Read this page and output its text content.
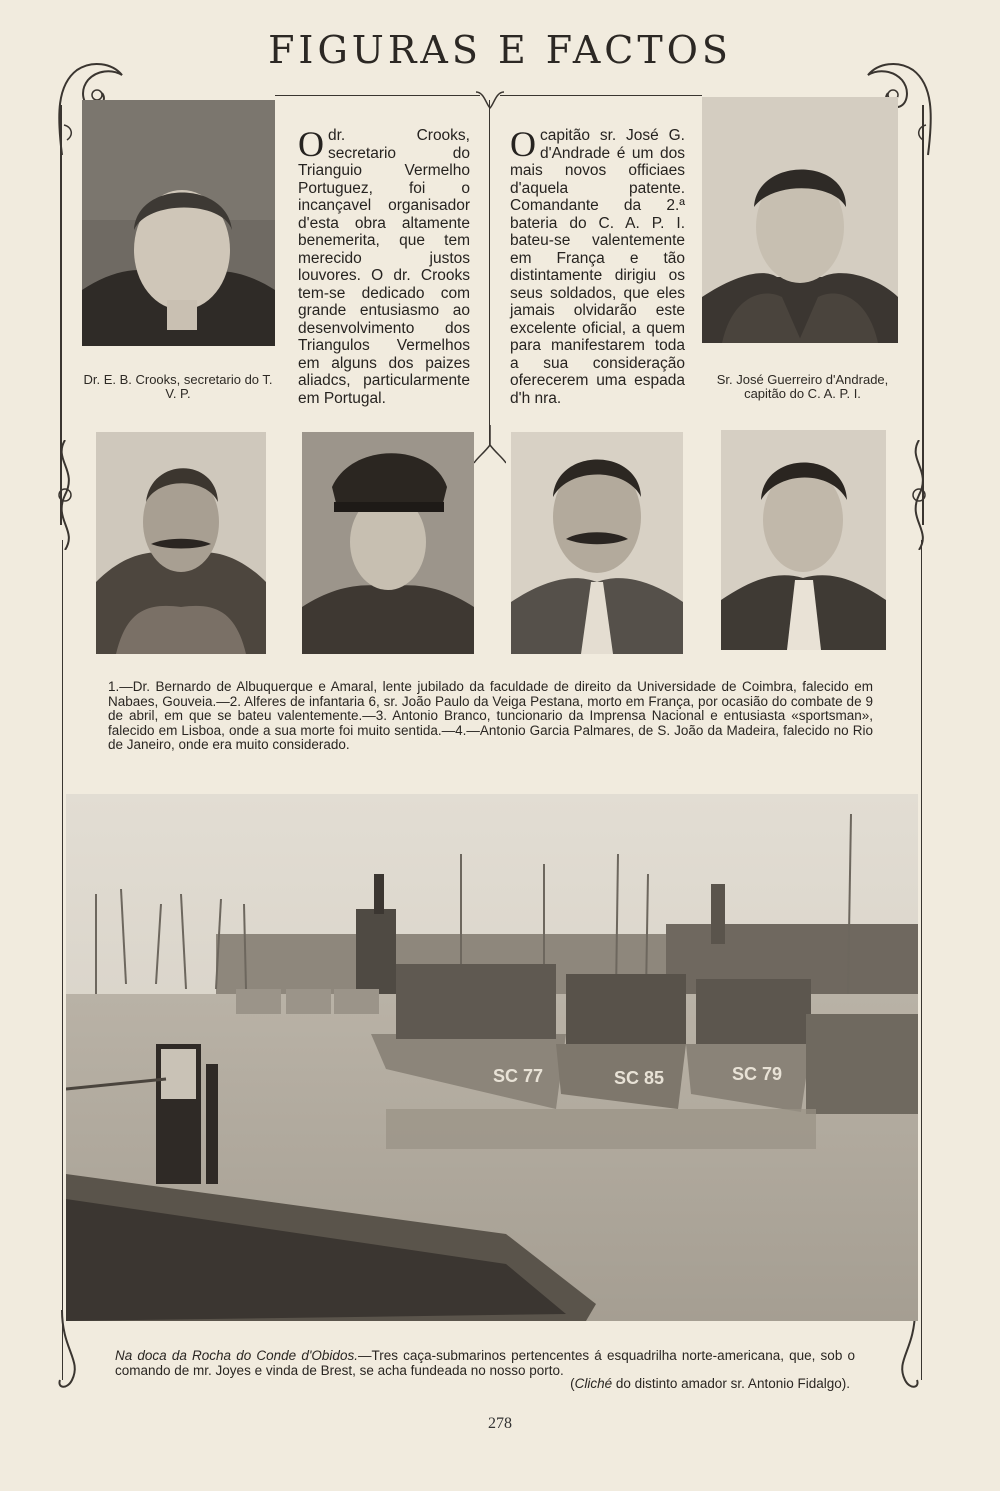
FIGURAS E FACTOS
Dr. E. B. Crooks, secretario do T. V. P.
Odr. Crooks, secretario do Trianguio Vermelho Portuguez, foi o incançavel organisador d'esta obra altamente benemerita, que tem merecido justos louvores. O dr. Crooks tem-se dedicado com grande entusiasmo ao desenvolvimento dos Triangulos Vermelhos em alguns dos paizes aliadcs, particularmente em Portugal.
Ocapitão sr. José G. d'Andrade é um dos mais novos officiaes d'aquela patente. Comandante da 2.ª bateria do C. A. P. I. bateu-se valentemente em França e tão distintamente dirigiu os seus soldados, que eles jamais olvidarão este excelente oficial, a quem para manifestarem toda a sua consideração oferecerem uma espada d'h nra.
Sr. José Guerreiro d'Andrade, capitão do C. A. P. I.
1.—Dr. Bernardo de Albuquerque e Amaral, lente jubilado da faculdade de direito da Universidade de Coimbra, falecido em Nabaes, Gouveia.—2. Alferes de infantaria 6, sr. João Paulo da Veiga Pestana, morto em França, por ocasião do combate de 9 de abril, em que se bateu valentemente.—3. Antonio Branco, tuncionario da Imprensa Nacional e entusiasta «sportsman», falecido em Lisboa, onde a sua morte foi muito sentida.—4.—Antonio Garcia Palmares, de S. João da Madeira, falecido no Rio de Janeiro, onde era muito considerado.
SC 77	SC 85	SC 79
Na doca da Rocha do Conde d'Obidos.—Tres caça-submarinos pertencentes á esquadrilha norte-americana, que, sob o comando de mr. Joyes e vinda de Brest, se acha fundeada no nosso porto.
(Cliché do distinto amador sr. Antonio Fidalgo).
278
